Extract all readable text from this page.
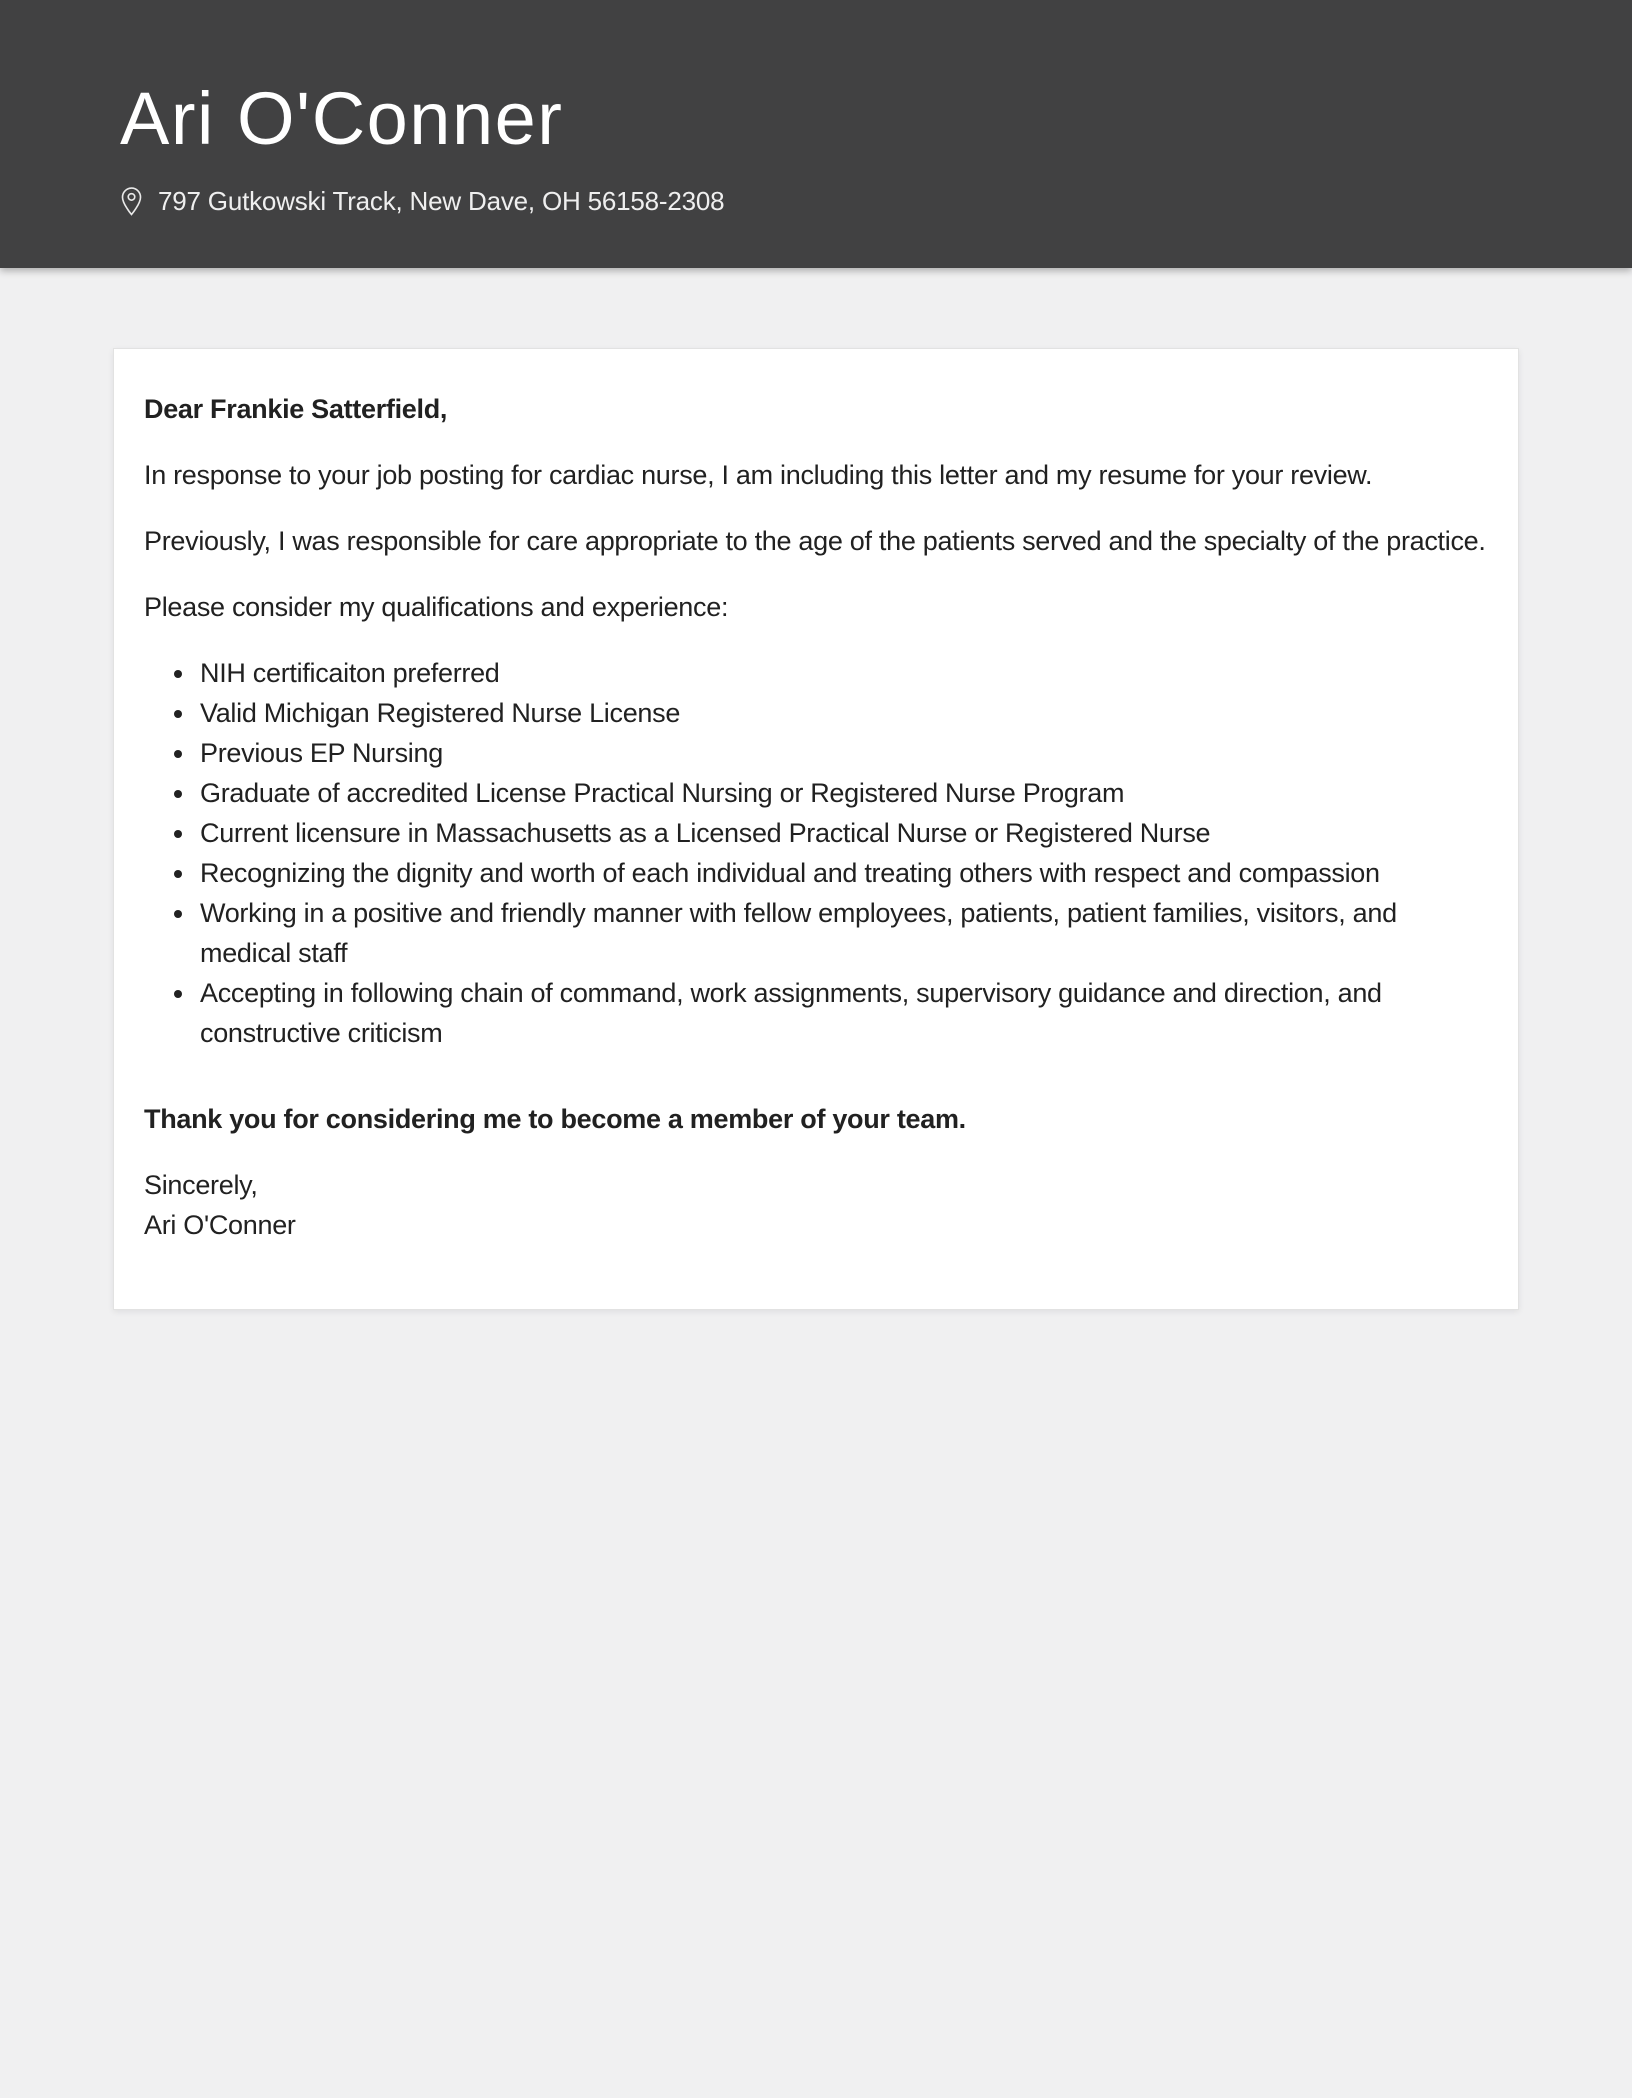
Ari O'Conner
797 Gutkowski Track, New Dave, OH 56158-2308

Dear Frankie Satterfield,

In response to your job posting for cardiac nurse, I am including this letter and my resume for your review.

Previously, I was responsible for care appropriate to the age of the patients served and the specialty of the practice.

Please consider my qualifications and experience:

• NIH certificaiton preferred
• Valid Michigan Registered Nurse License
• Previous EP Nursing
• Graduate of accredited License Practical Nursing or Registered Nurse Program
• Current licensure in Massachusetts as a Licensed Practical Nurse or Registered Nurse
• Recognizing the dignity and worth of each individual and treating others with respect and compassion
• Working in a positive and friendly manner with fellow employees, patients, patient families, visitors, and medical staff
• Accepting in following chain of command, work assignments, supervisory guidance and direction, and constructive criticism

Thank you for considering me to become a member of your team.

Sincerely,

Ari O'Conner
